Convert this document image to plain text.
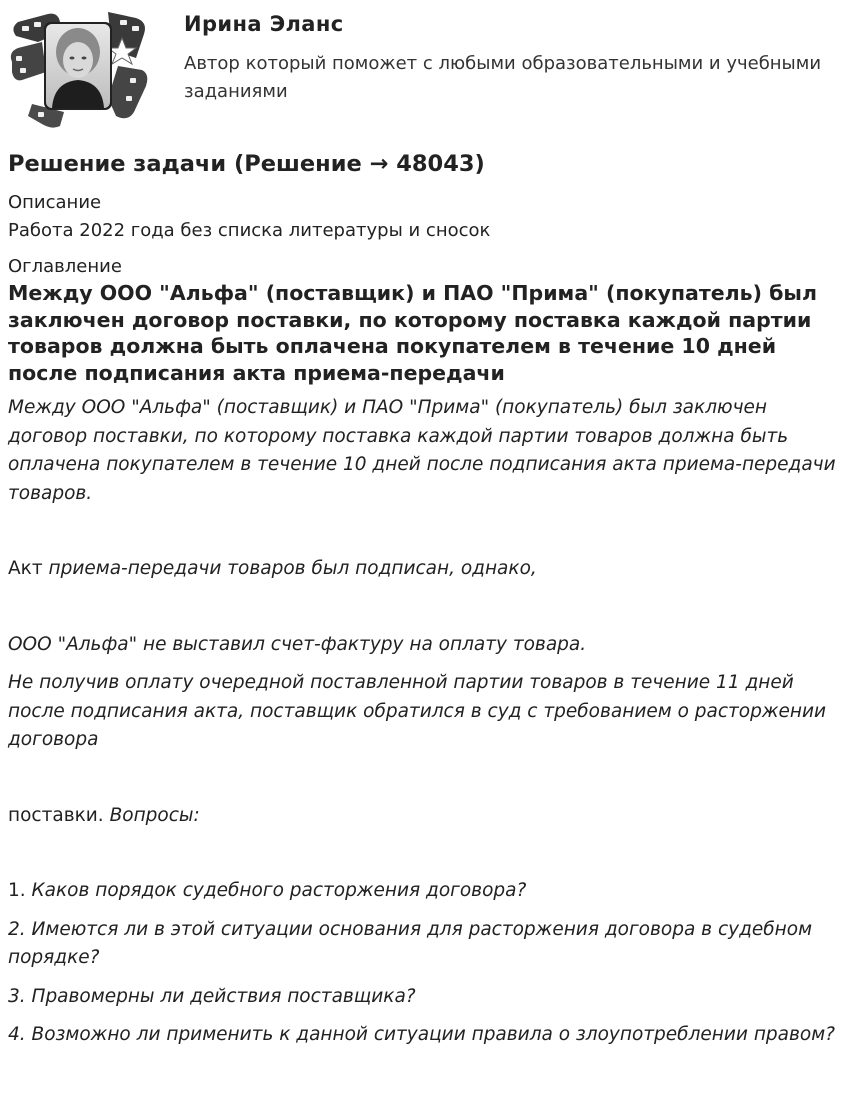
Ирина Эланс
Автор который поможет с любыми образовательными и учебными заданиями
Решение задачи (Решение → 48043)
Описание
Работа 2022 года без списка литературы и сносок
Оглавление
Между ООО "Альфа" (поставщик) и ПАО "Прима" (покупатель) был заключен договор поставки, по которому поставка каждой партии товаров должна быть оплачена покупателем в течение 10 дней после подписания акта приема-передачи

Между ООО "Альфа" (поставщик) и ПАО "Прима" (покупатель) был заключен договор поставки, по которому поставка каждой партии товаров должна быть оплачена покупателем в течение 10 дней после подписания акта приема-передачи товаров.

Акт приема-передачи товаров был подписан, однако,

ООО "Альфа" не выставил счет-фактуру на оплату товара.

Не получив оплату очередной поставленной партии товаров в течение 11 дней после подписания акта, поставщик обратился в суд с требованием о расторжении договора

поставки. Вопросы:

1. Каков порядок судебного расторжения договора?

2. Имеются ли в этой ситуации основания для расторжения договора в судебном порядке?

3. Правомерны ли действия поставщика?

4. Возможно ли применить к данной ситуации правила о злоупотреблении правом?
